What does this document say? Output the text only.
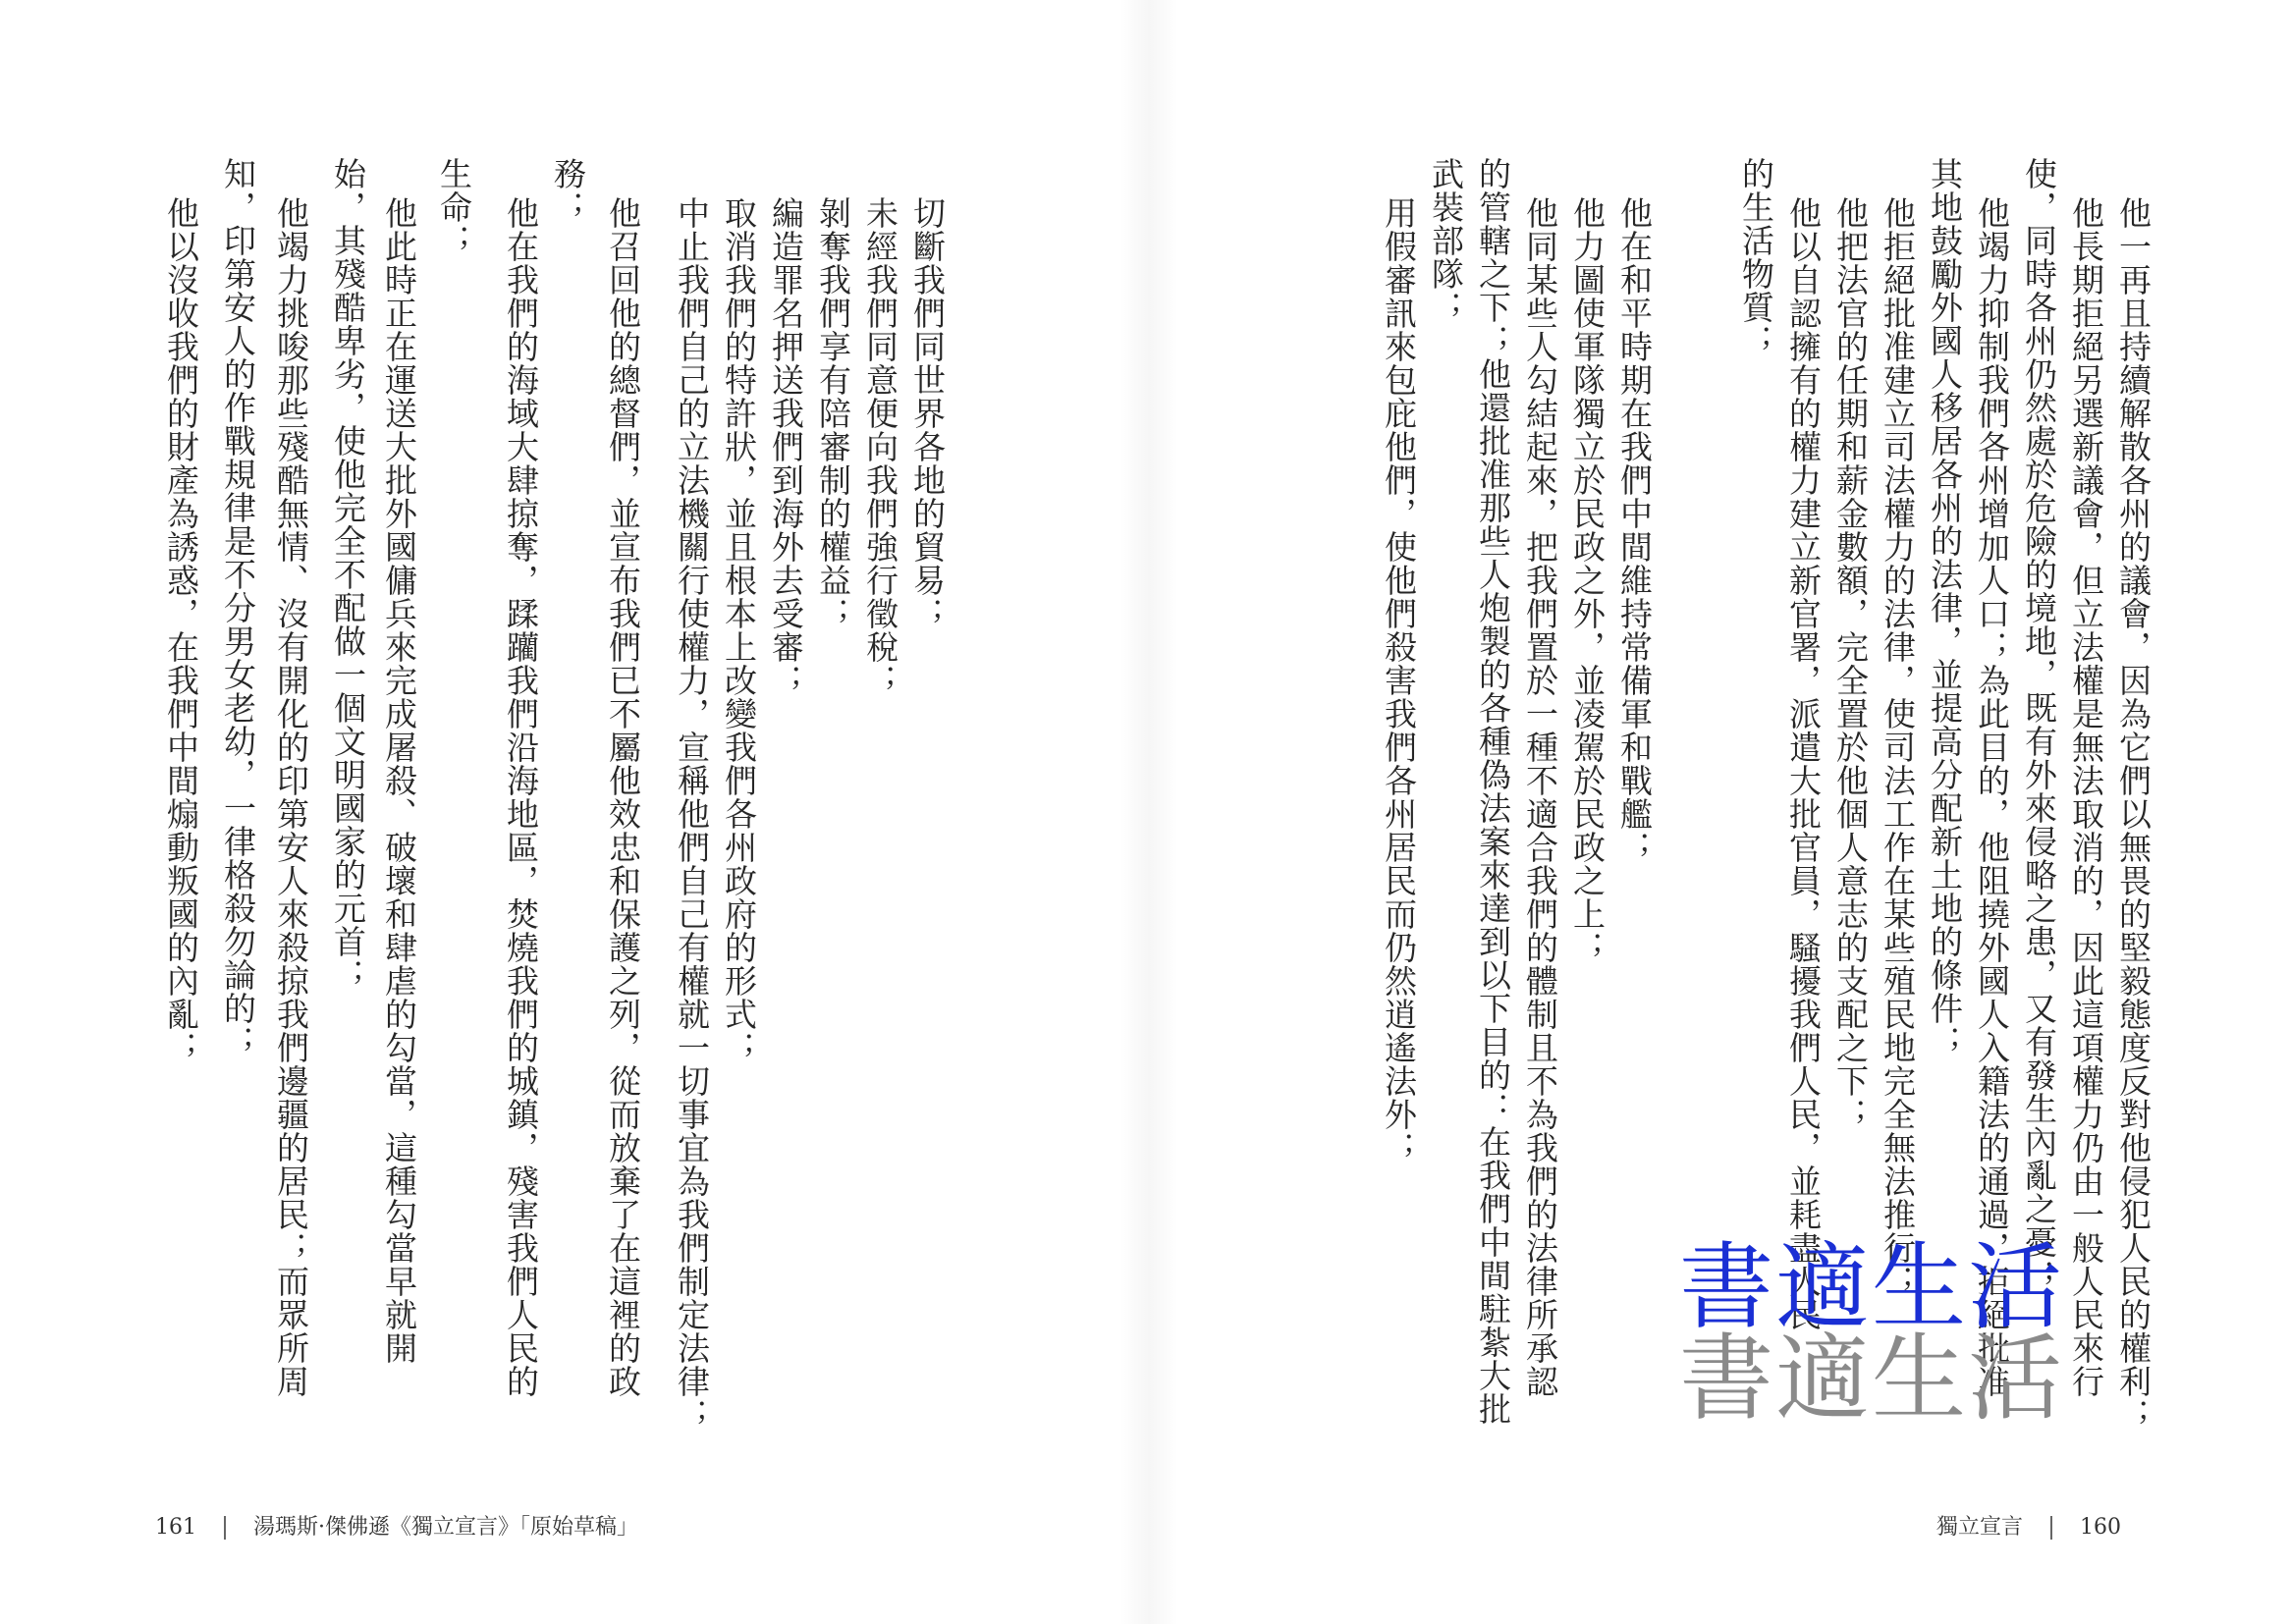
他一再且持續解散各州的議會，因為它們以無畏的堅毅態度反對他侵犯人民的權利；
他長期拒絕另選新議會，但立法權是無法取消的，因此這項權力仍由一般人民來行
使，同時各州仍然處於危險的境地，既有外來侵略之患，又有發生內亂之憂；
他竭力抑制我們各州增加人口；為此目的，他阻撓外國人入籍法的通過，拒絕批准
其地鼓勵外國人移居各州的法律，並提高分配新土地的條件；
他拒絕批准建立司法權力的法律，使司法工作在某些殖民地完全無法推行；
他把法官的任期和薪金數額，完全置於他個人意志的支配之下；
他以自認擁有的權力建立新官署，派遣大批官員，騷擾我們人民，並耗盡人民
的生活物質；
他在和平時期在我們中間維持常備軍和戰艦；
他力圖使軍隊獨立於民政之外，並凌駕於民政之上；
他同某些人勾結起來，把我們置於一種不適合我們的體制且不為我們的法律所承認
的管轄之下；他還批准那些人炮製的各種偽法案來達到以下目的：在我們中間駐紮大批
武裝部隊；
用假審訊來包庇他們，使他們殺害我們各州居民而仍然逍遙法外；
切斷我們同世界各地的貿易；
未經我們同意便向我們強行徵稅；
剝奪我們享有陪審制的權益；
編造罪名押送我們到海外去受審；
取消我們的特許狀，並且根本上改變我們各州政府的形式；
中止我們自己的立法機關行使權力，宣稱他們自己有權就一切事宜為我們制定法律；
他召回他的總督們，並宣布我們已不屬他效忠和保護之列，從而放棄了在這裡的政
務；
他在我們的海域大肆掠奪，蹂躪我們沿海地區，焚燒我們的城鎮，殘害我們人民的
生命；
他此時正在運送大批外國傭兵來完成屠殺、破壞和肆虐的勾當，這種勾當早就開
始，其殘酷卑劣，使他完全不配做一個文明國家的元首；
他竭力挑唆那些殘酷無情、沒有開化的印第安人來殺掠我們邊疆的居民；而眾所周
知，印第安人的作戰規律是不分男女老幼，一律格殺勿論的；
他以沒收我們的財產為誘惑，在我們中間煽動叛國的內亂；
書適生活
書適生活
161	湯瑪斯·傑佛遜《獨立宣言》「原始草稿」	獨立宣言	160
